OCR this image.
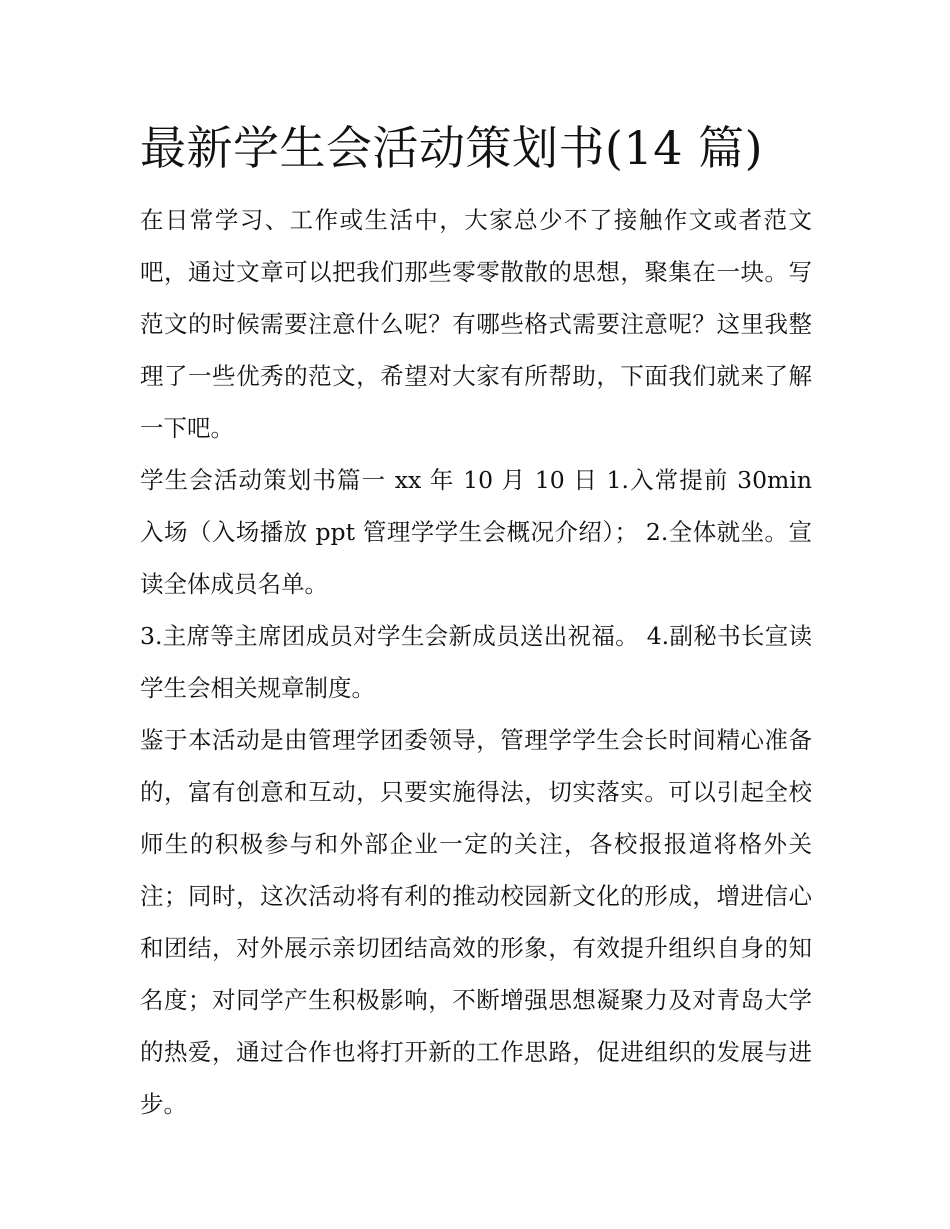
最新学生会活动策划书(14 篇)

在日常学习、工作或生活中，大家总少不了接触作文或者范文吧，通过文章可以把我们那些零零散散的思想，聚集在一块。写范文的时候需要注意什么呢？有哪些格式需要注意呢？这里我整理了一些优秀的范文，希望对大家有所帮助，下面我们就来了解一下吧。

学生会活动策划书篇一 xx 年 10 月 10 日 1.入常提前 30min 入场（入场播放 ppt 管理学学生会概况介绍）； 2.全体就坐。宣读全体成员名单。

3.主席等主席团成员对学生会新成员送出祝福。 4.副秘书长宣读学生会相关规章制度。

鉴于本活动是由管理学团委领导，管理学学生会长时间精心准备的，富有创意和互动，只要实施得法，切实落实。可以引起全校师生的积极参与和外部企业一定的关注，各校报报道将格外关注；同时，这次活动将有利的推动校园新文化的形成，增进信心和团结，对外展示亲切团结高效的形象，有效提升组织自身的知名度；对同学产生积极影响，不断增强思想凝聚力及对青岛大学的热爱，通过合作也将打开新的工作思路，促进组织的发展与进步。
